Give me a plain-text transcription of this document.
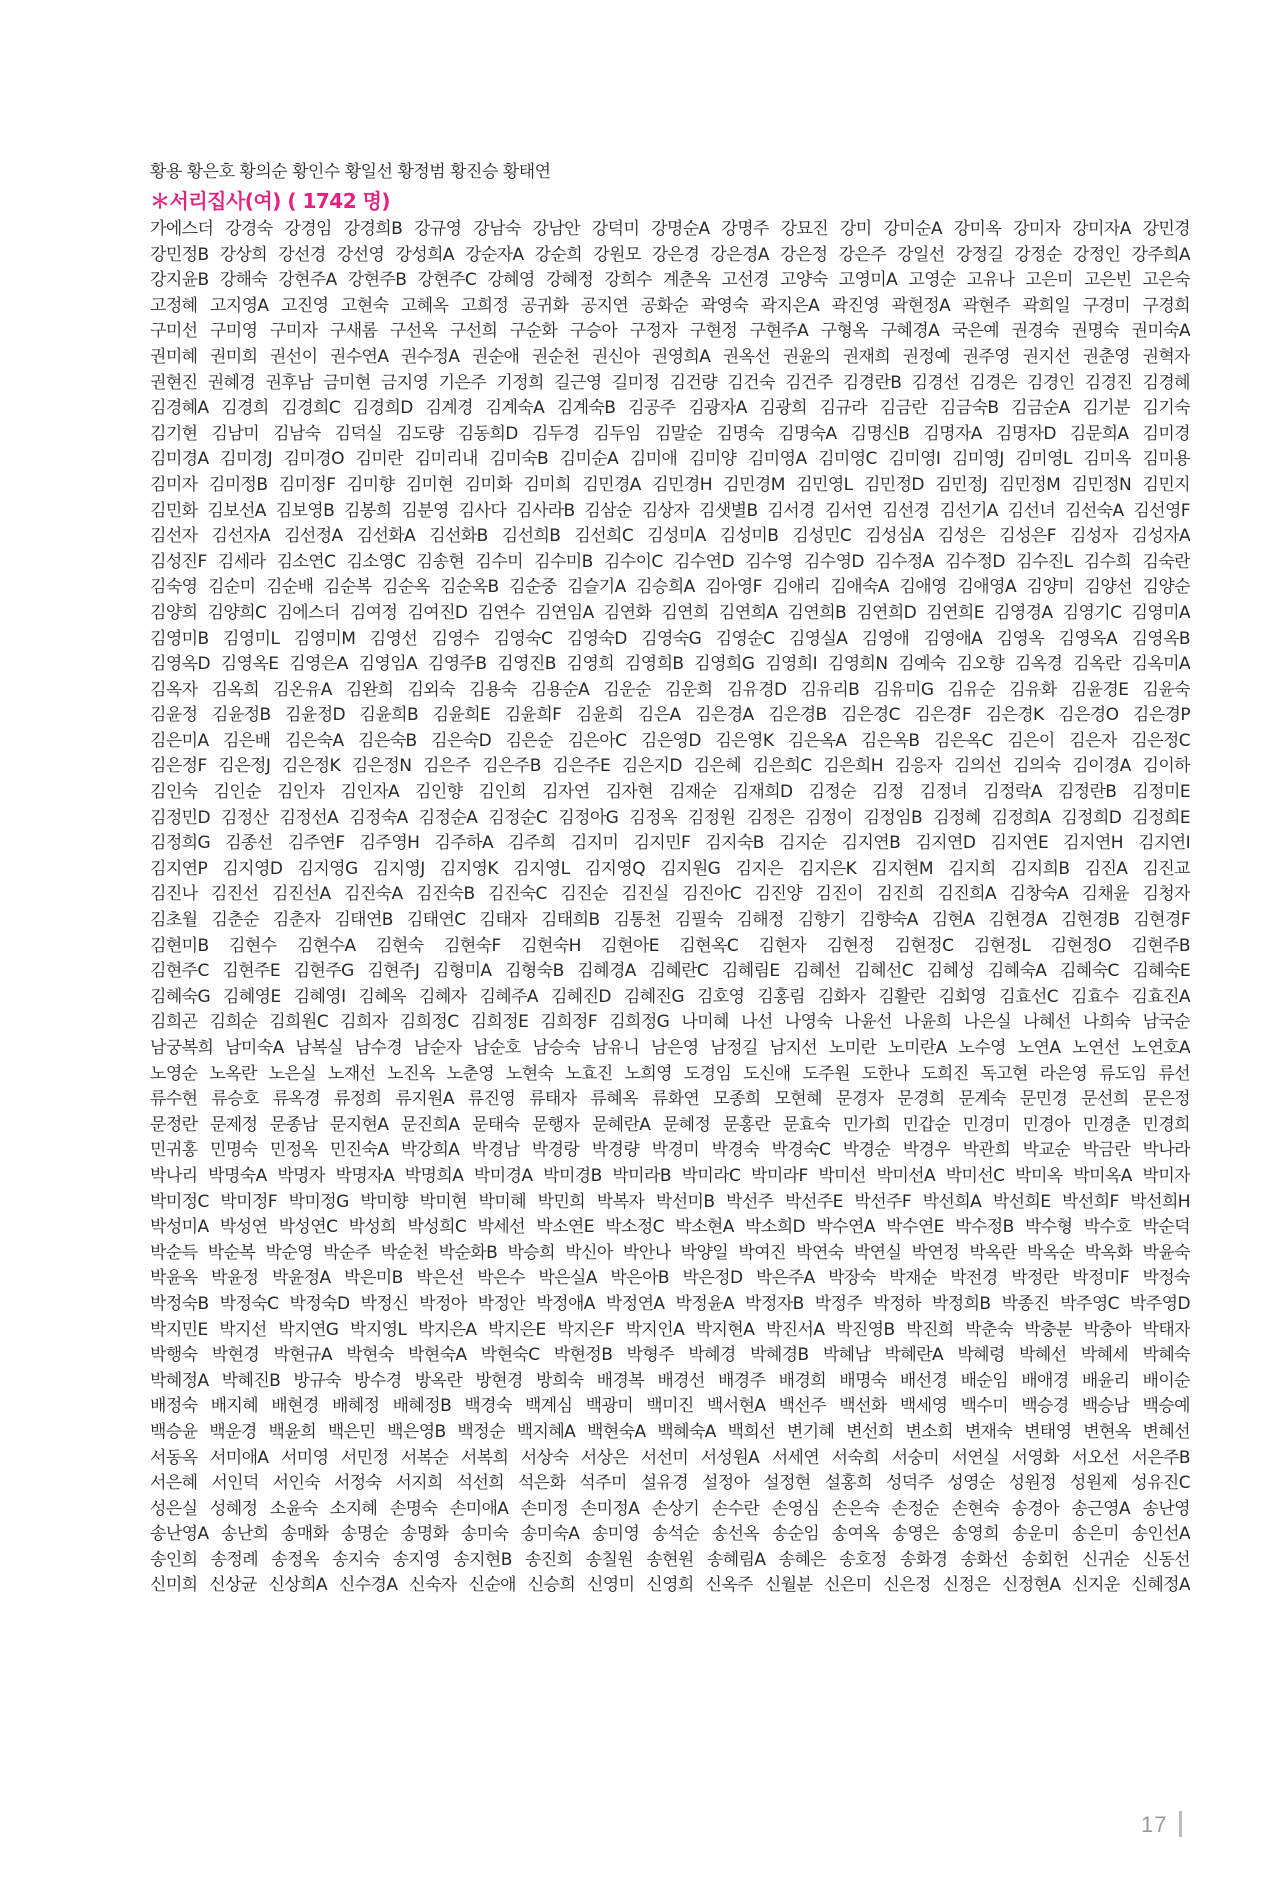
황용 황은호 황의순 황인수 황일선 황정범 황진승 황태연
＊서리집사(여) ( 1742 명)
가에스더 강경숙 강경임 강경희B 강규영 강남숙 강남안 강덕미 강명순A 강명주 강묘진 강미 강미순A 강미옥 강미자 강미자A 강민경
강민정B 강상희 강선경 강선영 강성희A 강순자A 강순희 강원모 강은경 강은경A 강은정 강은주 강일선 강정길 강정순 강정인 강주희A
강지윤B 강해숙 강현주A 강현주B 강현주C 강혜영 강혜정 강희수 계춘옥 고선경 고양숙 고영미A 고영순 고유나 고은미 고은빈 고은숙
고정혜 고지영A 고진영 고현숙 고혜옥 고희정 공귀화 공지연 공화순 곽영숙 곽지은A 곽진영 곽현정A 곽현주 곽희일 구경미 구경희
구미선 구미영 구미자 구새롬 구선옥 구선희 구순화 구승아 구정자 구현정 구현주A 구형옥 구혜경A 국은예 권경숙 권명숙 권미숙A
권미혜 권미희 권선이 권수연A 권수정A 권순애 권순천 권신아 권영희A 권옥선 권윤의 권재희 권정예 권주영 권지선 권춘영 권혁자
권현진 권혜경 권후남 금미현 금지영 기은주 기정희 길근영 길미정 김건량 김건숙 김건주 김경란B 김경선 김경은 김경인 김경진 김경혜
김경혜A 김경희 김경희C 김경희D 김계경 김계숙A 김계숙B 김공주 김광자A 김광희 김규라 김금란 김금숙B 김금순A 김기분 김기숙
김기현 김남미 김남숙 김덕실 김도량 김동희D 김두경 김두임 김말순 김명숙 김명숙A 김명신B 김명자A 김명자D 김문희A 김미경
김미경A 김미경J 김미경O 김미란 김미리내 김미숙B 김미순A 김미애 김미양 김미영A 김미영C 김미영I 김미영J 김미영L 김미옥 김미용
김미자 김미정B 김미정F 김미향 김미현 김미화 김미희 김민경A 김민경H 김민경M 김민영L 김민정D 김민정J 김민정M 김민정N 김민지
김민화 김보선A 김보영B 김봉희 김분영 김사다 김사라B 김삼순 김상자 김샛별B 김서경 김서연 김선경 김선기A 김선녀 김선숙A 김선영F
김선자 김선자A 김선정A 김선화A 김선화B 김선희B 김선희C 김성미A 김성미B 김성민C 김성심A 김성은 김성은F 김성자 김성자A
김성진F 김세라 김소연C 김소영C 김송현 김수미 김수미B 김수이C 김수연D 김수영 김수영D 김수정A 김수정D 김수진L 김수희 김숙란
김숙영 김순미 김순배 김순복 김순옥 김순옥B 김순중 김슬기A 김승희A 김아영F 김애리 김애숙A 김애영 김애영A 김양미 김양선 김양순
김양희 김양희C 김에스더 김여정 김여진D 김연수 김연임A 김연화 김연희 김연희A 김연희B 김연희D 김연희E 김영경A 김영기C 김영미A
김영미B 김영미L 김영미M 김영선 김영수 김영숙C 김영숙D 김영숙G 김영순C 김영실A 김영애 김영애A 김영옥 김영옥A 김영옥B
김영옥D 김영옥E 김영은A 김영임A 김영주B 김영진B 김영희 김영희B 김영희G 김영희I 김영희N 김예숙 김오향 김옥경 김옥란 김옥미A
김옥자 김옥희 김온유A 김완희 김외숙 김용숙 김용순A 김운순 김운희 김유경D 김유리B 김유미G 김유순 김유화 김윤경E 김윤숙
김윤정 김윤정B 김윤정D 김윤희B 김윤희E 김윤희F 김윤희 김은A 김은경A 김은경B 김은경C 김은경F 김은경K 김은경O 김은경P
김은미A 김은배 김은숙A 김은숙B 김은숙D 김은순 김은아C 김은영D 김은영K 김은옥A 김은옥B 김은옥C 김은이 김은자 김은정C
김은정F 김은정J 김은정K 김은정N 김은주 김은주B 김은주E 김은지D 김은혜 김은희C 김은희H 김응자 김의선 김의숙 김이경A 김이하
김인숙 김인순 김인자 김인자A 김인향 김인희 김자연 김자현 김재순 김재희D 김정순 김정 김정녀 김정락A 김정란B 김정미E
김정민D 김정산 김정선A 김정숙A 김정순A 김정순C 김정아G 김정옥 김정원 김정은 김정이 김정임B 김정혜 김정희A 김정희D 김정희E
김정희G 김종선 김주연F 김주영H 김주하A 김주희 김지미 김지민F 김지숙B 김지순 김지연B 김지연D 김지연E 김지연H 김지연I
김지연P 김지영D 김지영G 김지영J 김지영K 김지영L 김지영Q 김지원G 김지은 김지은K 김지현M 김지희 김지희B 김진A 김진교
김진나 김진선 김진선A 김진숙A 김진숙B 김진숙C 김진순 김진실 김진아C 김진양 김진이 김진희 김진희A 김창숙A 김채윤 김청자
김초월 김춘순 김춘자 김태연B 김태연C 김태자 김태희B 김통천 김필숙 김해정 김향기 김향숙A 김현A 김현경A 김현경B 김현경F
김현미B 김현수 김현수A 김현숙 김현숙F 김현숙H 김현아E 김현옥C 김현자 김현정 김현정C 김현정L 김현정O 김현주B
김현주C 김현주E 김현주G 김현주J 김형미A 김형숙B 김혜경A 김혜란C 김혜림E 김혜선 김혜선C 김혜성 김혜숙A 김혜숙C 김혜숙E
김혜숙G 김혜영E 김혜영I 김혜옥 김혜자 김혜주A 김혜진D 김혜진G 김호영 김홍림 김화자 김활란 김회영 김효선C 김효수 김효진A
김희곤 김희순 김희원C 김희자 김희정C 김희정E 김희정F 김희정G 나미혜 나선 나영숙 나윤선 나윤희 나은실 나혜선 나희숙 남국순
남궁복희 남미숙A 남복실 남수경 남순자 남순호 남승숙 남유니 남은영 남정길 남지선 노미란 노미란A 노수영 노연A 노연선 노연호A
노영순 노옥란 노은실 노재선 노진옥 노춘영 노현숙 노효진 노희영 도경임 도신애 도주원 도한나 도희진 독고현 라은영 류도임 류선
류수현 류승호 류옥경 류정희 류지원A 류진영 류태자 류혜옥 류화연 모종희 모현혜 문경자 문경희 문계숙 문민경 문선희 문은정
문정란 문제정 문종남 문지현A 문진희A 문태숙 문행자 문혜란A 문혜정 문홍란 문효숙 민가희 민갑순 민경미 민경아 민경춘 민경희
민귀홍 민명숙 민정옥 민진숙A 박강희A 박경남 박경랑 박경량 박경미 박경숙 박경숙C 박경순 박경우 박관희 박교순 박금란 박나라
박나리 박명숙A 박명자 박명자A 박명희A 박미경A 박미경B 박미라B 박미라C 박미라F 박미선 박미선A 박미선C 박미옥 박미옥A 박미자
박미정C 박미정F 박미정G 박미향 박미현 박미혜 박민희 박복자 박선미B 박선주 박선주E 박선주F 박선희A 박선희E 박선희F 박선희H
박성미A 박성연 박성연C 박성희 박성희C 박세선 박소연E 박소정C 박소현A 박소희D 박수연A 박수연E 박수정B 박수형 박수호 박순덕
박순득 박순복 박순영 박순주 박순천 박순화B 박승희 박신아 박안나 박양일 박여진 박연숙 박연실 박연정 박옥란 박옥순 박옥화 박윤숙
박윤옥 박윤정 박윤정A 박은미B 박은선 박은수 박은실A 박은아B 박은정D 박은주A 박장숙 박재순 박전경 박정란 박정미F 박정숙
박정숙B 박정숙C 박정숙D 박정신 박정아 박정안 박정애A 박정연A 박정윤A 박정자B 박정주 박정하 박정희B 박종진 박주영C 박주영D
박지민E 박지선 박지연G 박지영L 박지은A 박지은E 박지은F 박지인A 박지현A 박진서A 박진영B 박진희 박춘숙 박충분 박충아 박태자
박행숙 박현경 박현규A 박현숙 박현숙A 박현숙C 박현정B 박형주 박혜경 박혜경B 박혜남 박혜란A 박혜령 박혜선 박혜세 박혜숙
박혜정A 박혜진B 방규숙 방수경 방옥란 방현경 방희숙 배경복 배경선 배경주 배경희 배명숙 배선경 배순임 배애경 배윤리 배이순
배정숙 배지혜 배현경 배혜정 배혜정B 백경숙 백계심 백광미 백미진 백서현A 백선주 백선화 백세영 백수미 백승경 백승남 백승예
백승윤 백운경 백윤희 백은민 백은영B 백정순 백지혜A 백현숙A 백혜숙A 백희선 변기혜 변선희 변소희 변재숙 변태영 변현옥 변혜선
서동옥 서미애A 서미영 서민정 서복순 서복희 서상숙 서상은 서선미 서성원A 서세연 서숙희 서숭미 서연실 서영화 서오선 서은주B
서은혜 서인덕 서인숙 서정숙 서지희 석선희 석은화 석주미 설유경 설정아 설정현 설홍희 성덕주 성영순 성원정 성원제 성유진C
성은실 성혜정 소윤숙 소지혜 손명숙 손미애A 손미정 손미정A 손상기 손수란 손영심 손은숙 손정순 손현숙 송경아 송근영A 송난영
송난영A 송난희 송매화 송명순 송명화 송미숙 송미숙A 송미영 송석순 송선옥 송순임 송여옥 송영은 송영희 송운미 송은미 송인선A
송인희 송정례 송정옥 송지숙 송지영 송지현B 송진희 송칠원 송현원 송혜림A 송혜은 송호정 송화경 송화선 송회헌 신귀순 신동선
신미희 신상균 신상희A 신수경A 신숙자 신순애 신승희 신영미 신영희 신옥주 신월분 신은미 신은정 신정은 신정현A 신지운 신혜정A
17
